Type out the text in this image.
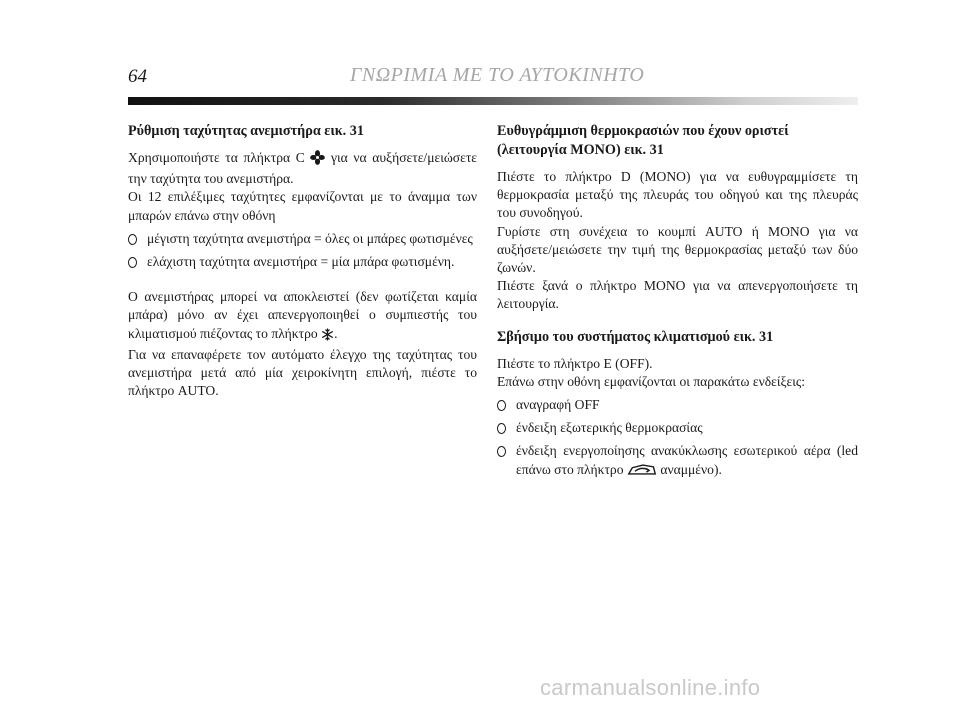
64	ΓΝΩΡΙΜΙΑ ΜΕ ΤΟ ΑΥΤΟΚΙΝΗΤΟ
Ρύθμιση ταχύτητας ανεμιστήρα εικ. 31

Χρησιμοποιήστε τα πλήκτρα C για να αυξήσετε/μειώσετε την ταχύτητα του ανεμιστήρα.

Οι 12 επιλέξιμες ταχύτητες εμφανίζονται με το άναμμα των μπαρών επάνω στην οθόνη

μέγιστη ταχύτητα ανεμιστήρα = όλες οι μπάρες φωτισμένες
ελάχιστη ταχύτητα ανεμιστήρα = μία μπάρα φωτισμένη.

Ο ανεμιστήρας μπορεί να αποκλειστεί (δεν φωτίζεται καμία μπάρα) μόνο αν έχει απενεργοποιηθεί ο συμπιεστής του κλιματισμού πιέζοντας το πλήκτρο .

Για να επαναφέρετε τον αυτόματο έλεγχο της ταχύτητας του ανεμιστήρα μετά από μία χειροκίνητη επιλογή, πιέστε το πλήκτρο AUTO.

Ευθυγράμμιση θερμοκρασιών που έχουν οριστεί (λειτουργία MONO) εικ. 31

Πιέστε το πλήκτρο D (MONO) για να ευθυγραμμίσετε τη θερμοκρασία μεταξύ της πλευράς του οδηγού και της πλευράς του συνοδηγού.

Γυρίστε στη συνέχεια το κουμπί AUTO ή MONO για να αυξήσετε/μειώσετε την τιμή της θερμοκρασίας μεταξύ των δύο ζωνών.

Πιέστε ξανά ο πλήκτρο MONO για να απενεργοποιήσετε τη λειτουργία.

Σβήσιμο του συστήματος κλιματισμού εικ. 31

Πιέστε το πλήκτρο E (OFF).

Επάνω στην οθόνη εμφανίζονται οι παρακάτω ενδείξεις:

αναγραφή OFF
ένδειξη εξωτερικής θερμοκρασίας
ένδειξη ενεργοποίησης ανακύκλωσης εσωτερικού αέρα (led επάνω στο πλήκτρο	αναμμένο).
carmanualsonline.info
